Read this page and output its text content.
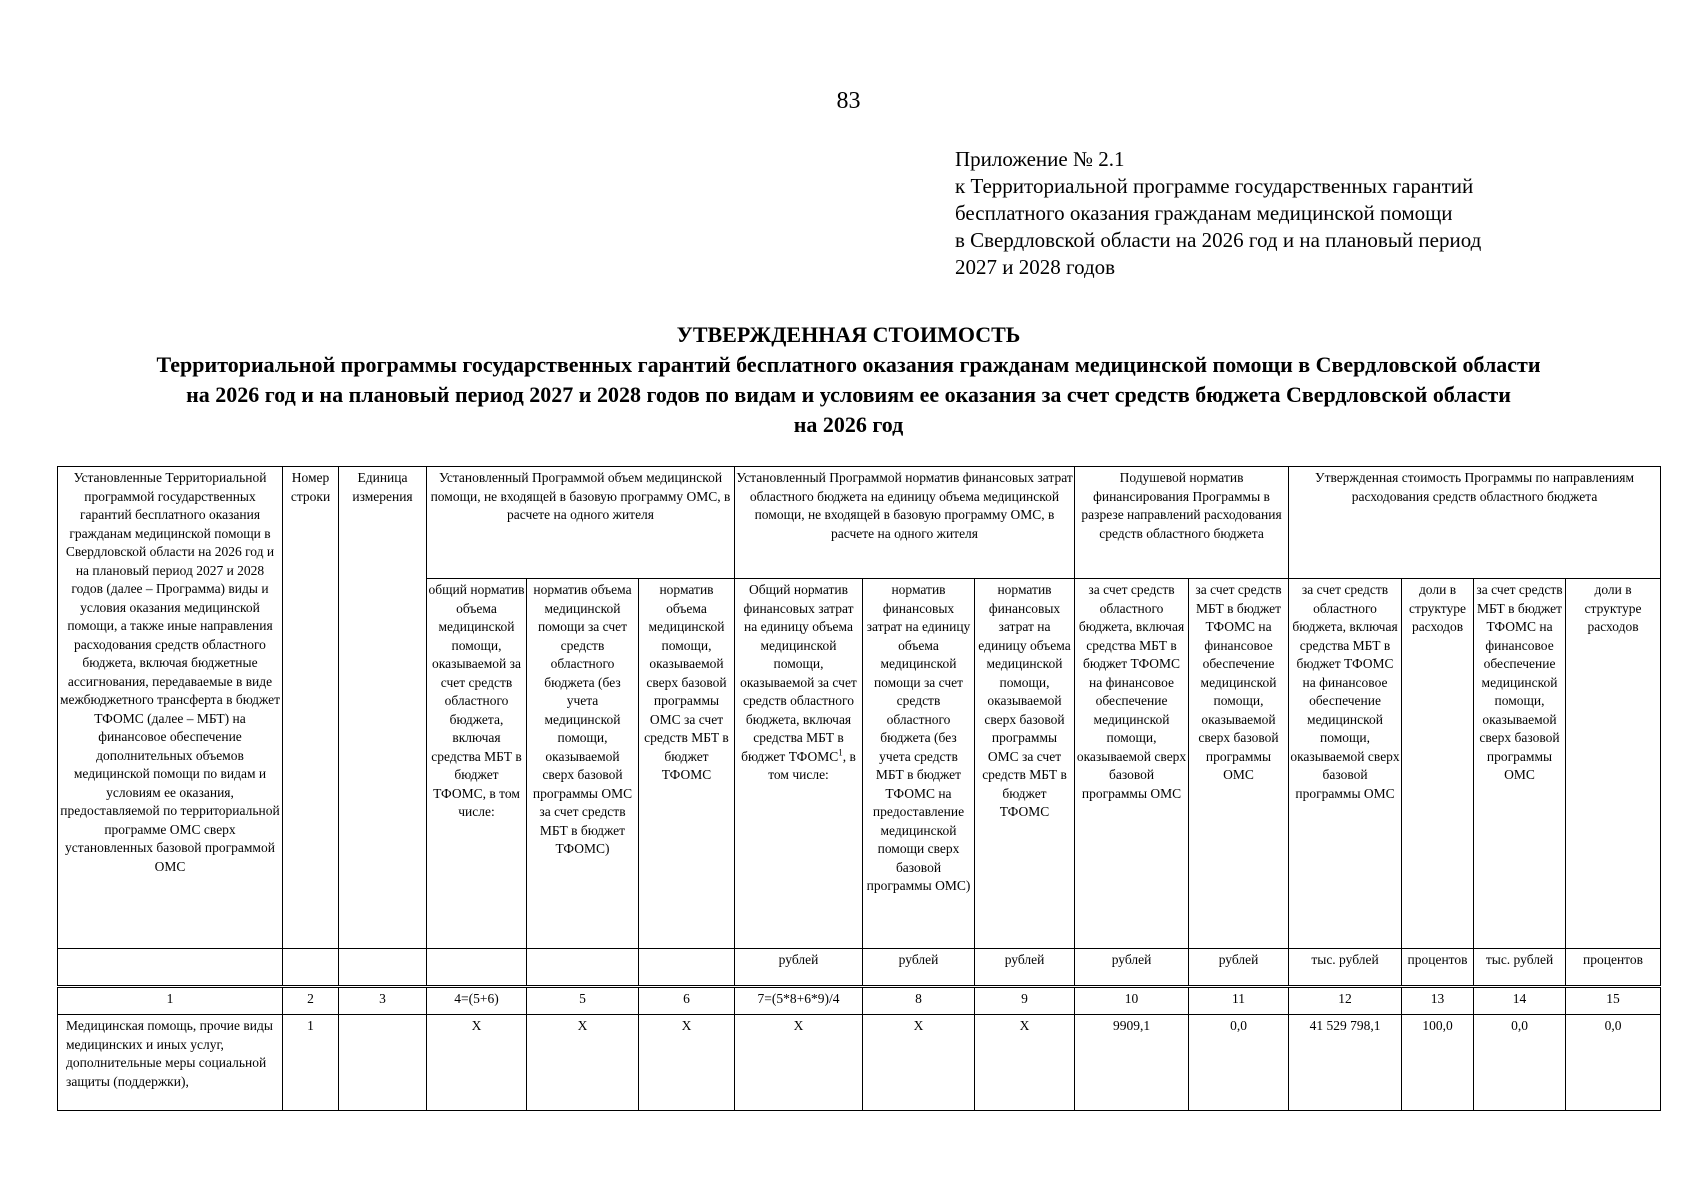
83
Приложение № 2.1
к Территориальной программе государственных гарантий
бесплатного оказания гражданам медицинской помощи
в Свердловской области на 2026 год и на плановый период
2027 и 2028 годов
УТВЕРЖДЕННАЯ СТОИМОСТЬ
Территориальной программы государственных гарантий бесплатного оказания гражданам медицинской помощи в Свердловской области
на 2026 год и на плановый период 2027 и 2028 годов по видам и условиям ее оказания за счет средств бюджета Свердловской области
на 2026 год
Установленные Территориальной программой государственных гарантий бесплатного оказания гражданам медицинской помощи в Свердловской области на 2026 год и на плановый период 2027 и 2028 годов (далее – Программа) виды и условия оказания медицинской помощи, а также иные направления расходования средств областного бюджета, включая бюджетные ассигнования, передаваемые в виде межбюджетного трансферта в бюджет ТФОМС (далее – МБТ) на финансовое обеспечение дополнительных объемов медицинской помощи по видам и условиям ее оказания, предоставляемой по территориальной программе ОМС сверх установленных базовой программой ОМС	Номер строки	Единица измерения	Установленный Программой объем медицинской помощи, не входящей в базовую программу ОМС, в расчете на одного жителя			Установленный Программой норматив финансовых затрат областного бюджета на единицу объема медицинской помощи, не входящей в базовую программу ОМС, в расчете на одного жителя			Подушевой норматив финансирования Программы в разрезе направлений расходования средств областного бюджета		Утвержденная стоимость Программы по направлениям расходования средств областного бюджета			
			общий норматив объема медицинской помощи, оказываемой за счет средств областного бюджета, включая средства МБТ в бюджет ТФОМС, в том числе:	норматив объема медицинской помощи за счет средств областного бюджета (без учета медицинской помощи, оказываемой сверх базовой программы ОМС за счет средств МБТ в бюджет ТФОМС)	норматив объема медицинской помощи, оказываемой сверх базовой программы ОМС за счет средств МБТ в бюджет ТФОМС	Общий норматив финансовых затрат на единицу объема медицинской помощи, оказываемой за счет средств областного бюджета, включая средства МБТ в бюджет ТФОМС$^1$, в том числе:	норматив финансовых затрат на единицу объема медицинской помощи за счет средств областного бюджета (без учета средств МБТ в бюджет ТФОМС на предоставление медицинской помощи сверх базовой программы ОМС)	норматив финансовых затрат на единицу объема медицинской помощи, оказываемой сверх базовой программы ОМС за счет средств МБТ в бюджет ТФОМС	за счет средств областного бюджета, включая средства МБТ в бюджет ТФОМС на финансовое обеспечение медицинской помощи, оказываемой сверх базовой программы ОМС	за счет средств МБТ в бюджет ТФОМС на финансовое обеспечение медицинской помощи, оказываемой сверх базовой программы ОМС	за счет средств областного бюджета, включая средства МБТ в бюджет ТФОМС на финансовое обеспечение медицинской помощи, оказываемой сверх базовой программы ОМС	доли в структуре расходов	за счет средств МБТ в бюджет ТФОМС на финансовое обеспечение медицинской помощи, оказываемой сверх базовой программы ОМС	доли в структуре расходов
						рублей	рублей	рублей	рублей	рублей	тыс. рублей	процентов	тыс. рублей	процентов
1	2	3	4=(5+6)	5	6	7=(5*8+6*9)/4	8	9	10	11	12	13	14	15
Медицинская помощь, прочие виды медицинских и иных услуг, дополнительные меры социальной защиты (поддержки),	1		Х	Х	Х	Х	Х	Х	9909,1	0,0	41 529 798,1	100,0	0,0	0,0
